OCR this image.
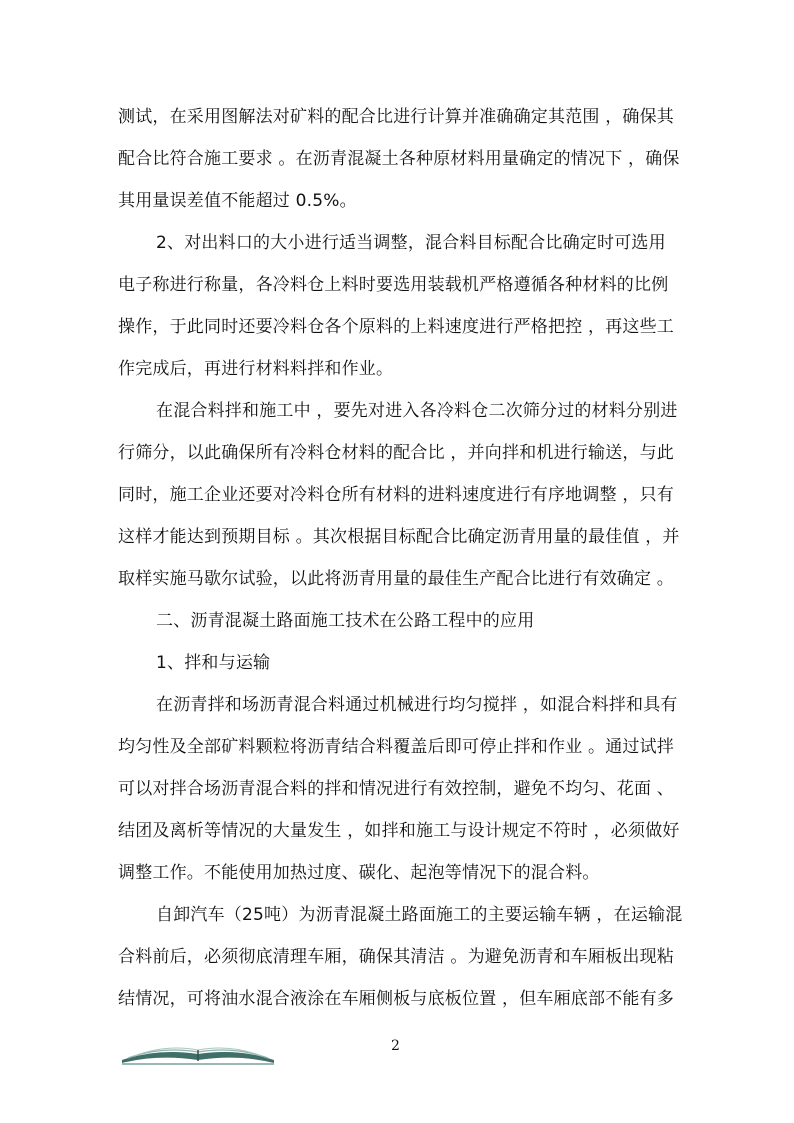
测试，在采用图解法对矿料的配合比进行计算并准确确定其范围 ，确保其
配合比符合施工要求 。在沥青混凝土各种原材料用量确定的情况下 ，确保
其用量误差值不能超过 0.5%。
2、对出料口的大小进行适当调整，混合料目标配合比确定时可选用
电子称进行称量，各冷料仓上料时要选用装载机严格遵循各种材料的比例
操作，于此同时还要冷料仓各个原料的上料速度进行严格把控 ，再这些工
作完成后，再进行材料料拌和作业。
在混合料拌和施工中 ，要先对进入各冷料仓二次筛分过的材料分别进
行筛分，以此确保所有冷料仓材料的配合比 ，并向拌和机进行输送，与此
同时，施工企业还要对冷料仓所有材料的进料速度进行有序地调整 ，只有
这样才能达到预期目标 。其次根据目标配合比确定沥青用量的最佳值 ，并
取样实施马歇尔试验，以此将沥青用量的最佳生产配合比进行有效确定 。
二、沥青混凝土路面施工技术在公路工程中的应用
1、拌和与运输
在沥青拌和场沥青混合料通过机械进行均匀搅拌 ，如混合料拌和具有
均匀性及全部矿料颗粒将沥青结合料覆盖后即可停止拌和作业 。通过试拌
可以对拌合场沥青混合料的拌和情况进行有效控制，避免不均匀、花面 、
结团及离析等情况的大量发生 ，如拌和施工与设计规定不符时 ，必须做好
调整工作。不能使用加热过度、碳化、起泡等情况下的混合料。
自卸汽车（25吨）为沥青混凝土路面施工的主要运输车辆 ，在运输混
合料前后，必须彻底清理车厢，确保其清洁 。为避免沥青和车厢板出现粘
结情况，可将油水混合液涂在车厢侧板与底板位置 ，但车厢底部不能有多
2
